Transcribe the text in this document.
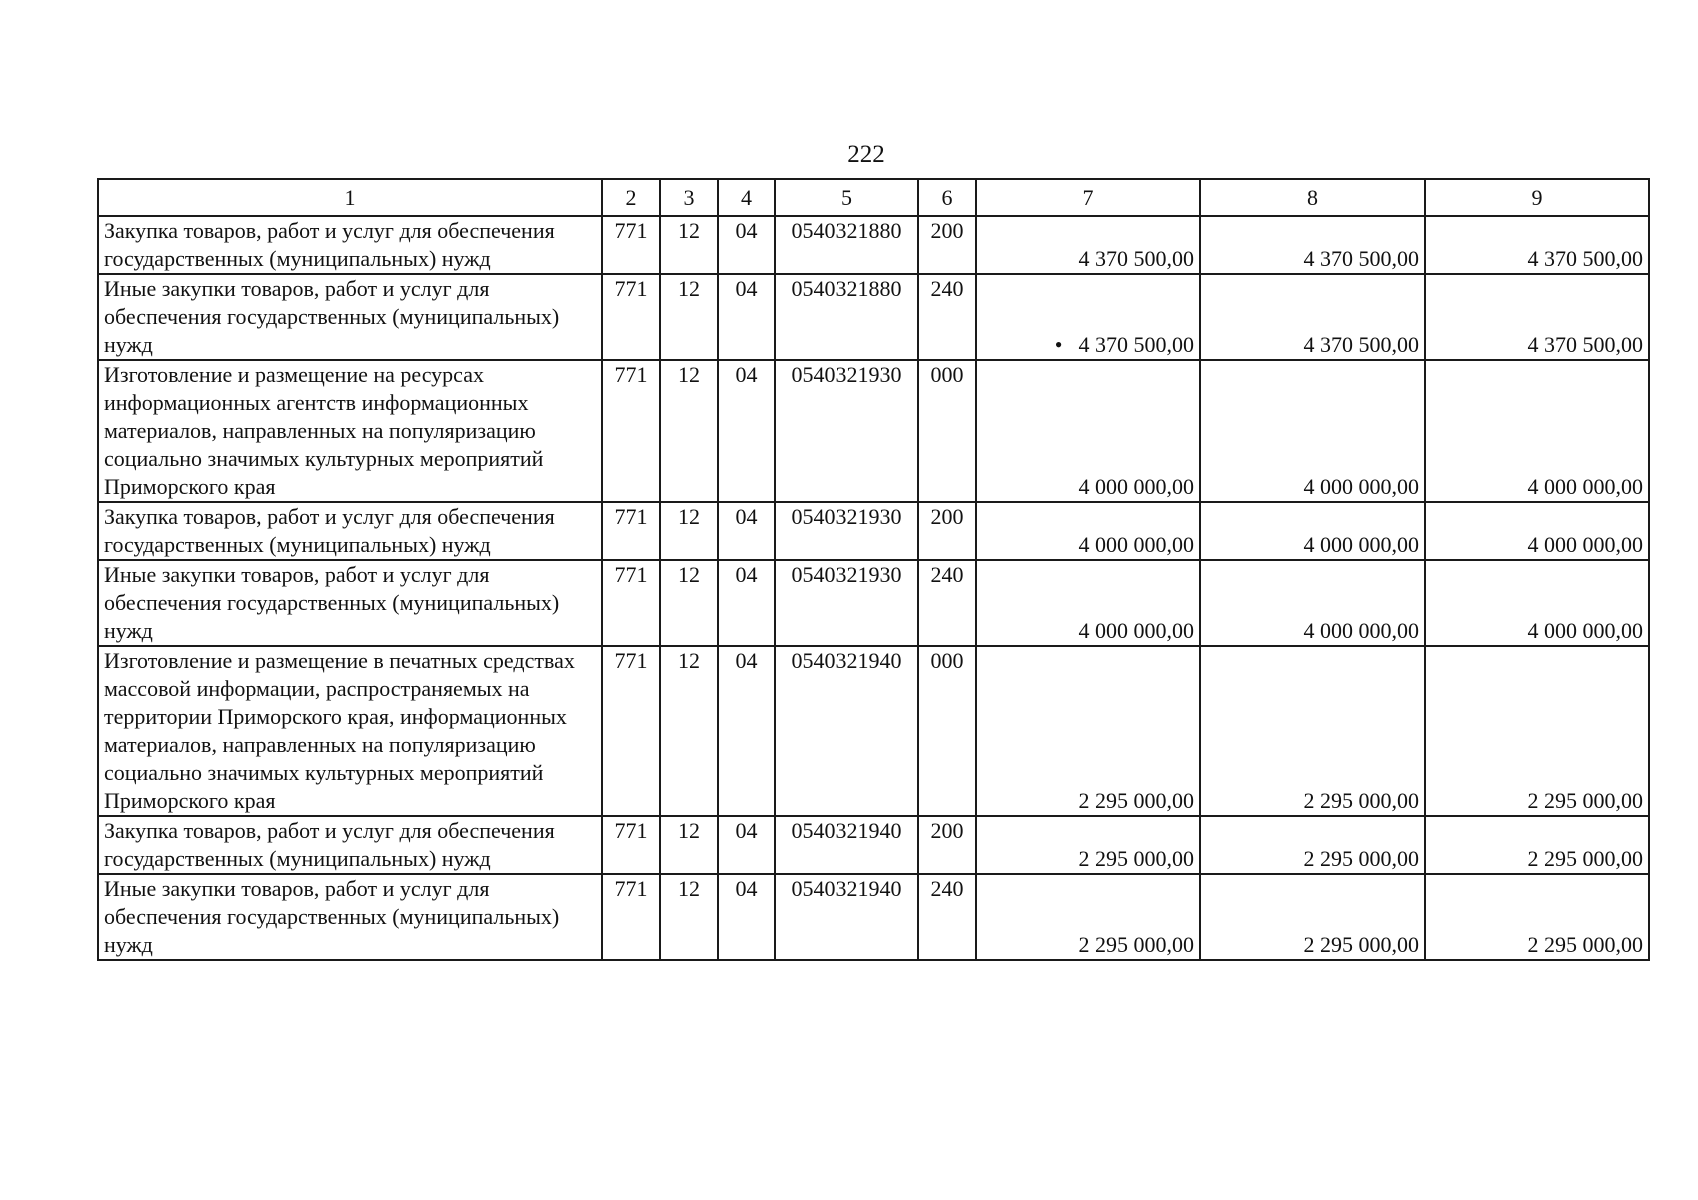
222
1	2	3	4	5	6	7	8	9
Закупка товаров, работ и услуг для обеспечения государственных (муниципальных) нужд	771	12	04	0540321880	200	4 370 500,00	4 370 500,00	4 370 500,00
Иные закупки товаров, работ и услуг для обеспечения государственных (муниципальных) нужд	771	12	04	0540321880	240	• 4 370 500,00	4 370 500,00	4 370 500,00
Изготовление и размещение на ресурсах информационных агентств информационных материалов, направленных на популяризацию социально значимых культурных мероприятий Приморского края	771	12	04	0540321930	000	4 000 000,00	4 000 000,00	4 000 000,00
Закупка товаров, работ и услуг для обеспечения государственных (муниципальных) нужд	771	12	04	0540321930	200	4 000 000,00	4 000 000,00	4 000 000,00
Иные закупки товаров, работ и услуг для обеспечения государственных (муниципальных) нужд	771	12	04	0540321930	240	4 000 000,00	4 000 000,00	4 000 000,00
Изготовление и размещение в печатных средствах массовой информации, распространяемых на территории Приморского края, информационных материалов, направленных на популяризацию социально значимых культурных мероприятий Приморского края	771	12	04	0540321940	000	2 295 000,00	2 295 000,00	2 295 000,00
Закупка товаров, работ и услуг для обеспечения государственных (муниципальных) нужд	771	12	04	0540321940	200	2 295 000,00	2 295 000,00	2 295 000,00
Иные закупки товаров, работ и услуг для обеспечения государственных (муниципальных) нужд	771	12	04	0540321940	240	2 295 000,00	2 295 000,00	2 295 000,00
